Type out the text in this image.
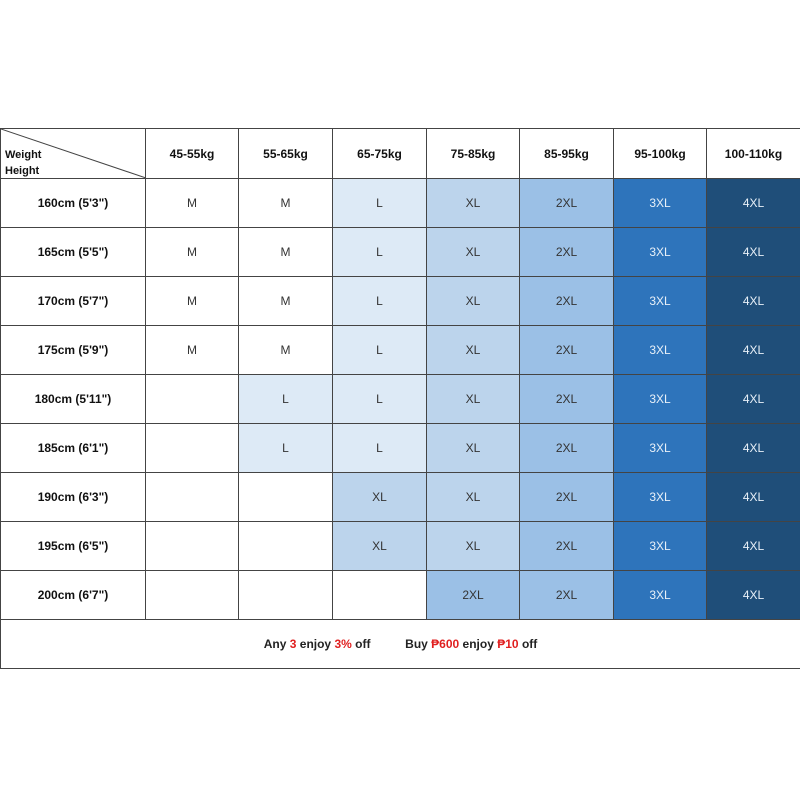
Weight
Height	45-55kg	55-65kg	65-75kg	75-85kg	85-95kg	95-100kg	100-110kg
160cm (5'3")	M	M	L	XL	2XL	3XL	4XL
165cm (5'5")	M	M	L	XL	2XL	3XL	4XL
170cm (5'7")	M	M	L	XL	2XL	3XL	4XL
175cm (5'9")	M	M	L	XL	2XL	3XL	4XL
180cm (5'11")		L	L	XL	2XL	3XL	4XL
185cm (6'1")		L	L	XL	2XL	3XL	4XL
190cm (6'3")			XL	XL	2XL	3XL	4XL
195cm (6'5")			XL	XL	2XL	3XL	4XL
200cm (6'7")				2XL	2XL	3XL	4XL
Any 3 enjoy 3% off Buy ₱600 enjoy ₱10 off							
